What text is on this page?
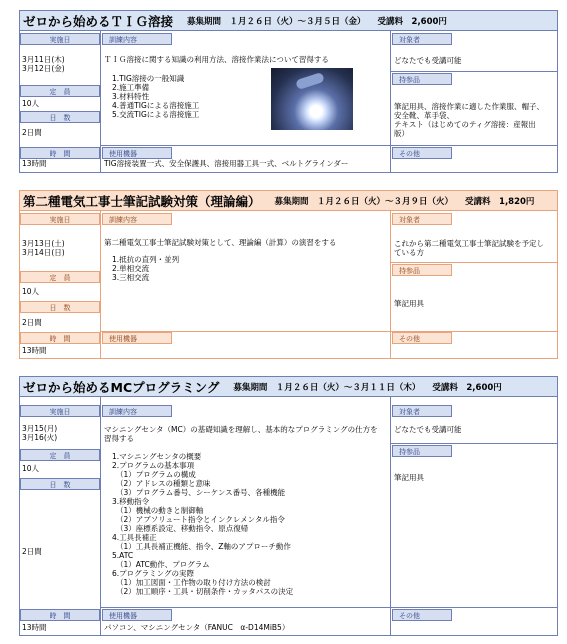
ゼロから始めるＴＩＧ溶接 募集期間　１月２６日（火）～３月５日（金） 受講料　2,600円
実施日
3月11日(木)
3月12日(金)
定　員
10人
日　数
2日間
時　間
13時間
訓練内容
ＴＩＧ溶接に関する知識の利用方法、溶接作業法について習得する
1.TIG溶接の一般知識
2.施工準備
3.材料特性
4.普通TIGによる溶接施工
5.交流TIGによる溶接施工
使用機器
TIG溶接装置一式、安全保護具、溶接用器工具一式、ベルトグラインダー
対象者
どなたでも受講可能
持参品
筆記用具、溶接作業に適した作業服、帽子、
安全靴、革手袋、
テキスト（はじめてのティグ溶接：産報出
版）
その他
第二種電気工事士筆記試験対策（理論編） 募集期間　１月２６日（火）～３月９日（火） 受講料　1,820円
実施日
3月13日(土)
3月14日(日)
定　員
10人
日　数
2日間
時　間
13時間
訓練内容
第二種電気工事士筆記試験対策として、理論編（計算）の演習をする
1.抵抗の直列・並列
2.単相交流
3.三相交流
使用機器
対象者
これから第二種電気工事士筆記試験を予定し
ている方
持参品
筆記用具
その他
ゼロから始めるMCプログラミング 募集期間　１月２６日（火）～３月１１日（木） 受講料　2,600円
実施日
3月15(月)
3月16(火)
定　員
10人
日　数
2日間
時　間
13時間
訓練内容
マシニングセンタ（MC）の基礎知識を理解し、基本的なプログラミングの仕方を
習得する
1.マシニングセンタの概要
2.プログラムの基本事項
（1）プログラムの構成
（2）アドレスの種類と意味
（3）プログラム番号、シーケンス番号、各種機能
3.移動指令
（1）機械の動きと制御軸
（2）アブソリュート指令とインクレメンタル指令
（3）座標系設定、移動指令、原点復帰
4.工具長補正
（1）工具長補正機能、指令、Z軸のアプローチ動作
5.ATC
（1）ATC動作、プログラム
6.プログラミングの実際
（1）加工図面・工作物の取り付け方法の検討
（2）加工順序・工具・切削条件・カッタパスの決定
使用機器
パソコン、マシニングセンタ（FANUC　α-D14MiB5）
対象者
どなたでも受講可能
持参品
筆記用具
その他
